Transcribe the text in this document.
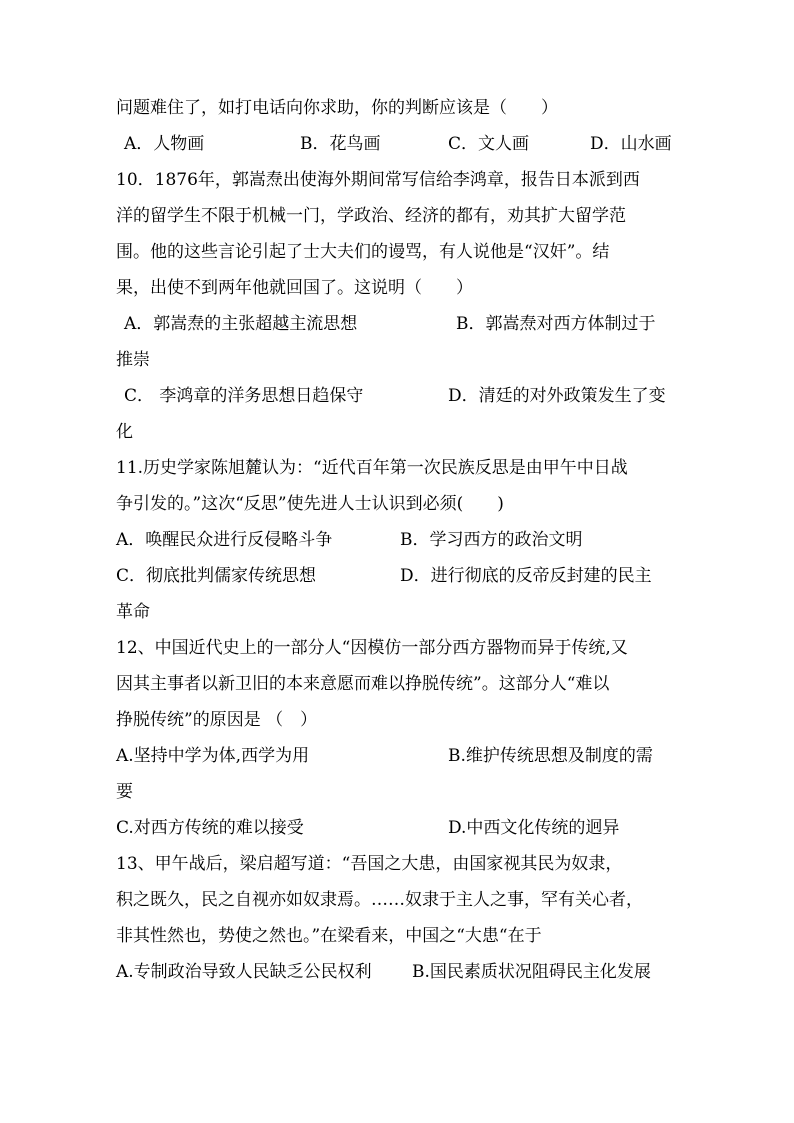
问题难住了，如打电话向你求助，你的判断应该是（　　）
A．人物画	B．花鸟画	C．文人画	D．山水画
10．1876年，郭嵩焘出使海外期间常写信给李鸿章，报告日本派到西
洋的留学生不限于机械一门，学政治、经济的都有，劝其扩大留学范
围。他的这些言论引起了士大夫们的谩骂，有人说他是“汉奸”。结
果，出使不到两年他就回国了。这说明（　　）
A．郭嵩焘的主张超越主流思想	B．郭嵩焘对西方体制过于
推崇
C． 李鸿章的洋务思想日趋保守	D．清廷的对外政策发生了变
化
11.历史学家陈旭麓认为：“近代百年第一次民族反思是由甲午中日战
争引发的。”这次“反思”使先进人士认识到必须(　　)
A．唤醒民众进行反侵略斗争	B．学习西方的政治文明
C．彻底批判儒家传统思想	D．进行彻底的反帝反封建的民主
革命
12、中国近代史上的一部分人“因模仿一部分西方器物而异于传统,又
因其主事者以新卫旧的本来意愿而难以挣脱传统”。这部分人“难以
挣脱传统”的原因是 （　）
A.坚持中学为体,西学为用	B.维护传统思想及制度的需
要
C.对西方传统的难以接受	D.中西文化传统的迥异
13、甲午战后，梁启超写道：“吾国之大患，由国家视其民为奴隶，
积之既久，民之自视亦如奴隶焉。……奴隶于主人之事，罕有关心者，
非其性然也，势使之然也。”在梁看来，中国之“大患“在于
A.专制政治导致人民缺乏公民权利 B.国民素质状况阻碍民主化发展
